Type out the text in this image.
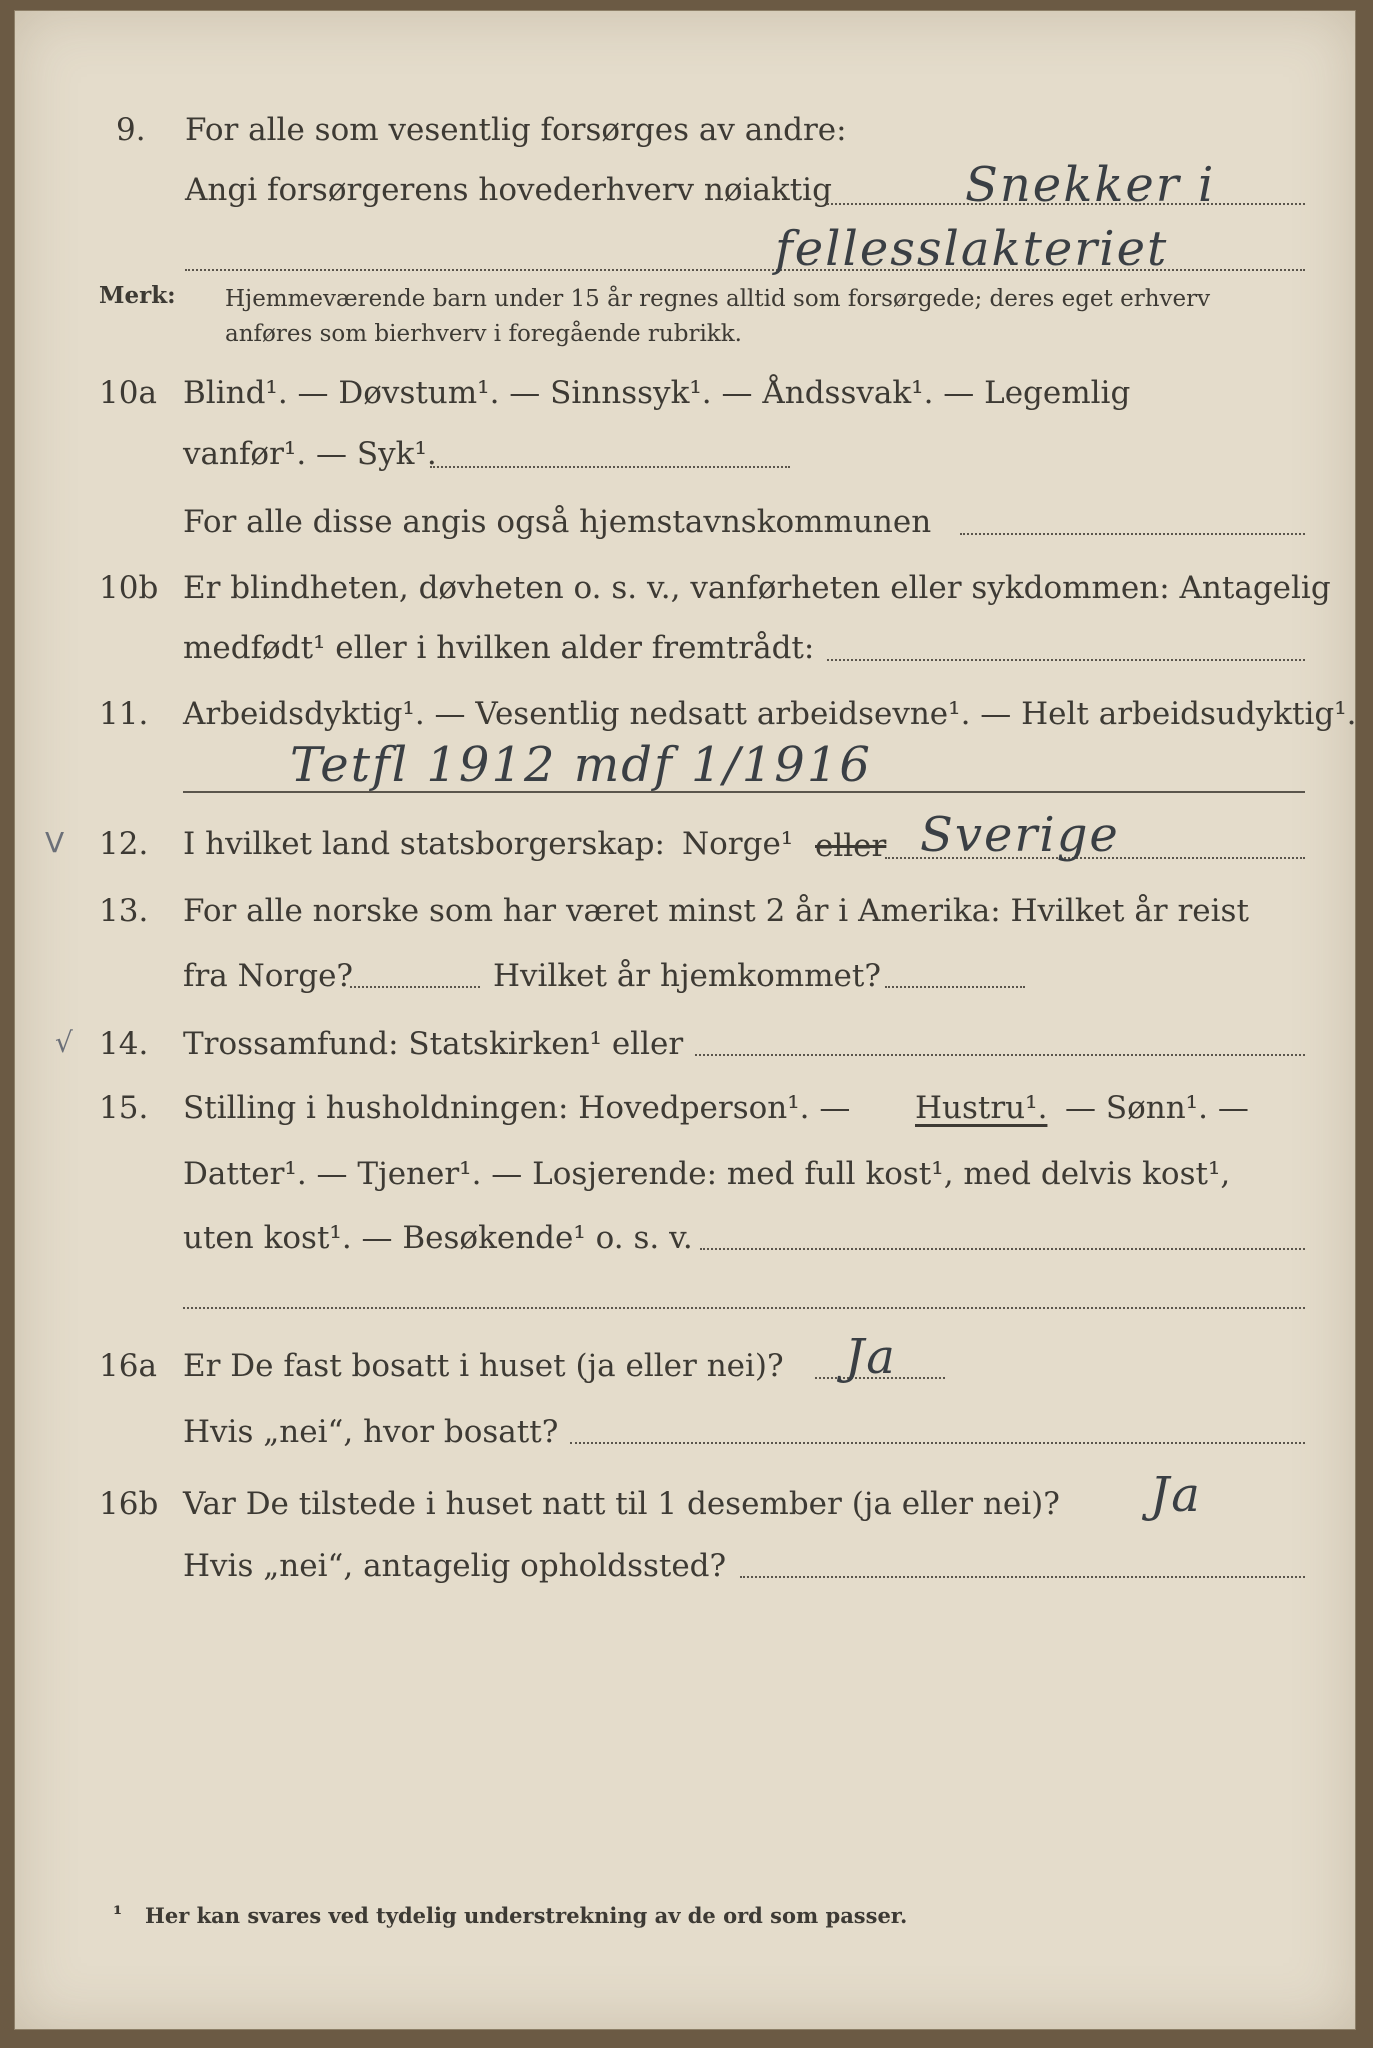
9. For alle som vesentlig forsørges av andre:
Angi forsørgerens hovederhverv nøiaktig	Snekker i
fellesslakteriet
Merk: Hjemmeværende barn under 15 år regnes alltid som forsørgede; deres eget erhverv
anføres som bierhverv i foregående rubrikk.
10a Blind¹. — Døvstum¹. — Sinnssyk¹. — Åndssvak¹. — Legemlig
vanfør¹. — Syk¹.
For alle disse angis også hjemstavnskommunen
10b Er blindheten, døvheten o. s. v., vanførheten eller sykdommen: Antagelig
medfødt¹ eller i hvilken alder fremtrådt:
11. Arbeidsdyktig¹. — Vesentlig nedsatt arbeidsevne¹. — Helt arbeidsudyktig¹.
Tetfl 1912 mdf 1/1916
V 12. I hvilket land statsborgerskap: Norge¹ eller Sverige
13. For alle norske som har været minst 2 år i Amerika: Hvilket år reist
fra Norge?	Hvilket år hjemkommet?
√ 14. Trossamfund: Statskirken¹ eller
15. Stilling i husholdningen: Hovedperson¹. — Hustru¹. — Sønn¹. —
Datter¹. — Tjener¹. — Losjerende: med full kost¹, med delvis kost¹,
uten kost¹. — Besøkende¹ o. s. v.
16a Er De fast bosatt i huset (ja eller nei)? Ja
Hvis „nei“, hvor bosatt?
16b Var De tilstede i huset natt til 1 desember (ja eller nei)? Ja
Hvis „nei“, antagelig opholdssted?
¹ Her kan svares ved tydelig understrekning av de ord som passer.
